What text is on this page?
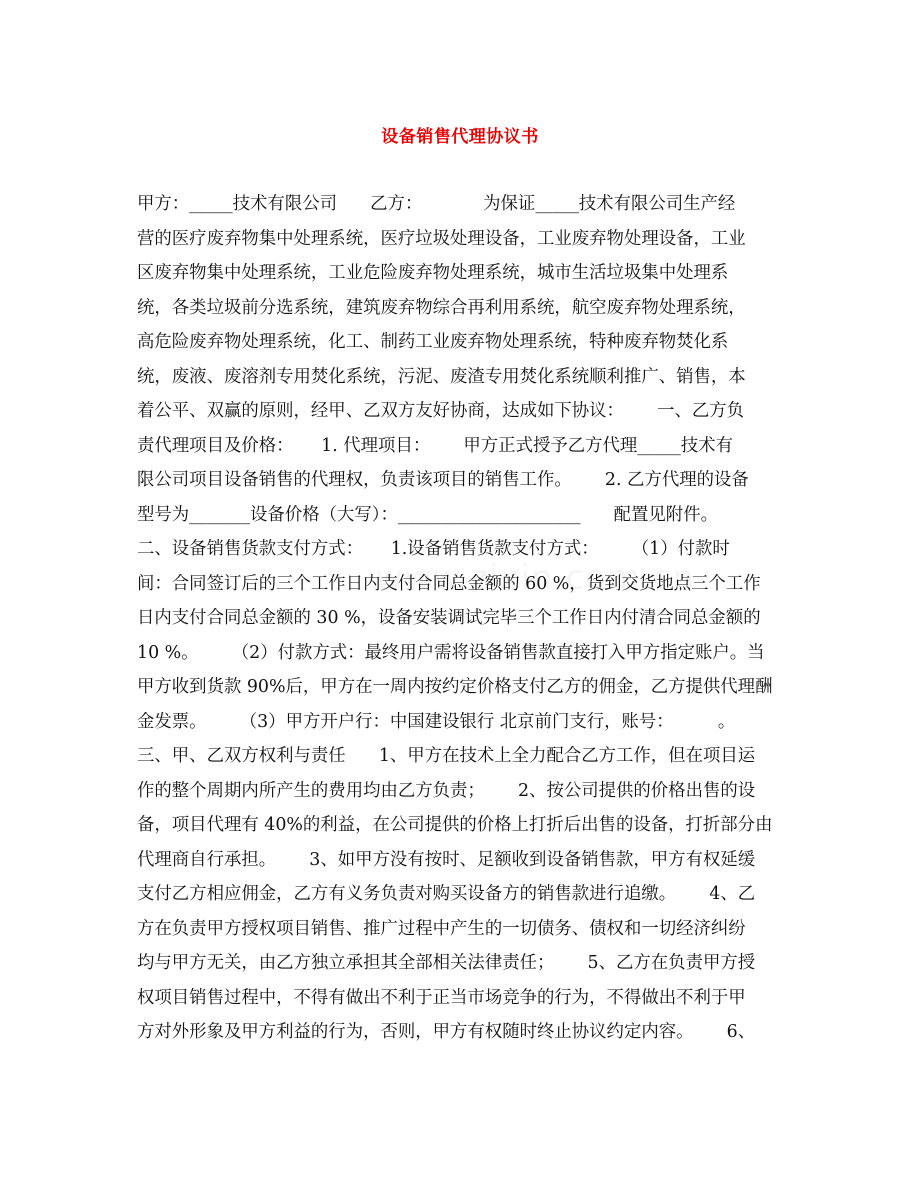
设备销售代理协议书
甲方：_____技术有限公司      乙方：           为保证_____技术有限公司生产经
营的医疗废弃物集中处理系统，医疗垃圾处理设备，工业废弃物处理设备，工业
区废弃物集中处理系统，工业危险废弃物处理系统，城市生活垃圾集中处理系
统，各类垃圾前分选系统，建筑废弃物综合再利用系统，航空废弃物处理系统，
高危险废弃物处理系统，化工、制药工业废弃物处理系统，特种废弃物焚化系
统，废液、废溶剂专用焚化系统，污泥、废渣专用焚化系统顺利推广、销售，本
着公平、双赢的原则，经甲、乙双方友好协商，达成如下协议：      一、乙方负
责代理项目及价格：     1. 代理项目：      甲方正式授予乙方代理_____技术有
限公司项目设备销售的代理权，负责该项目的销售工作。      2. 乙方代理的设备
型号为_______设备价格（大写）：_____________________      配置见附件。
二、设备销售货款支付方式：     1.设备销售货款支付方式：      （1）付款时
间：合同签订后的三个工作日内支付合同总金额的 60 %，货到交货地点三个工作
日内支付合同总金额的 30 %，设备安装调试完毕三个工作日内付清合同总金额的
10 %。      （2）付款方式：最终用户需将设备销售款直接打入甲方指定账户。当
甲方收到货款 90%后，甲方在一周内按约定价格支付乙方的佣金，乙方提供代理酬
金发票。      （3）甲方开户行：中国建设银行 北京前门支行，账号：        。
三、甲、乙双方权利与责任      1、甲方在技术上全力配合乙方工作，但在项目运
作的整个周期内所产生的费用均由乙方负责；      2、按公司提供的价格出售的设
备，项目代理有 40%的利益，在公司提供的价格上打折后出售的设备，打折部分由
代理商自行承担。      3、如甲方没有按时、足额收到设备销售款，甲方有权延缓
支付乙方相应佣金，乙方有义务负责对购买设备方的销售款进行追缴。      4、乙
方在负责甲方授权项目销售、推广过程中产生的一切债务、债权和一切经济纠纷
均与甲方无关，由乙方独立承担其全部相关法律责任；      5、乙方在负责甲方授
权项目销售过程中，不得有做出不利于正当市场竞争的行为，不得做出不利于甲
方对外形象及甲方利益的行为，否则，甲方有权随时终止协议约定内容。      6、
